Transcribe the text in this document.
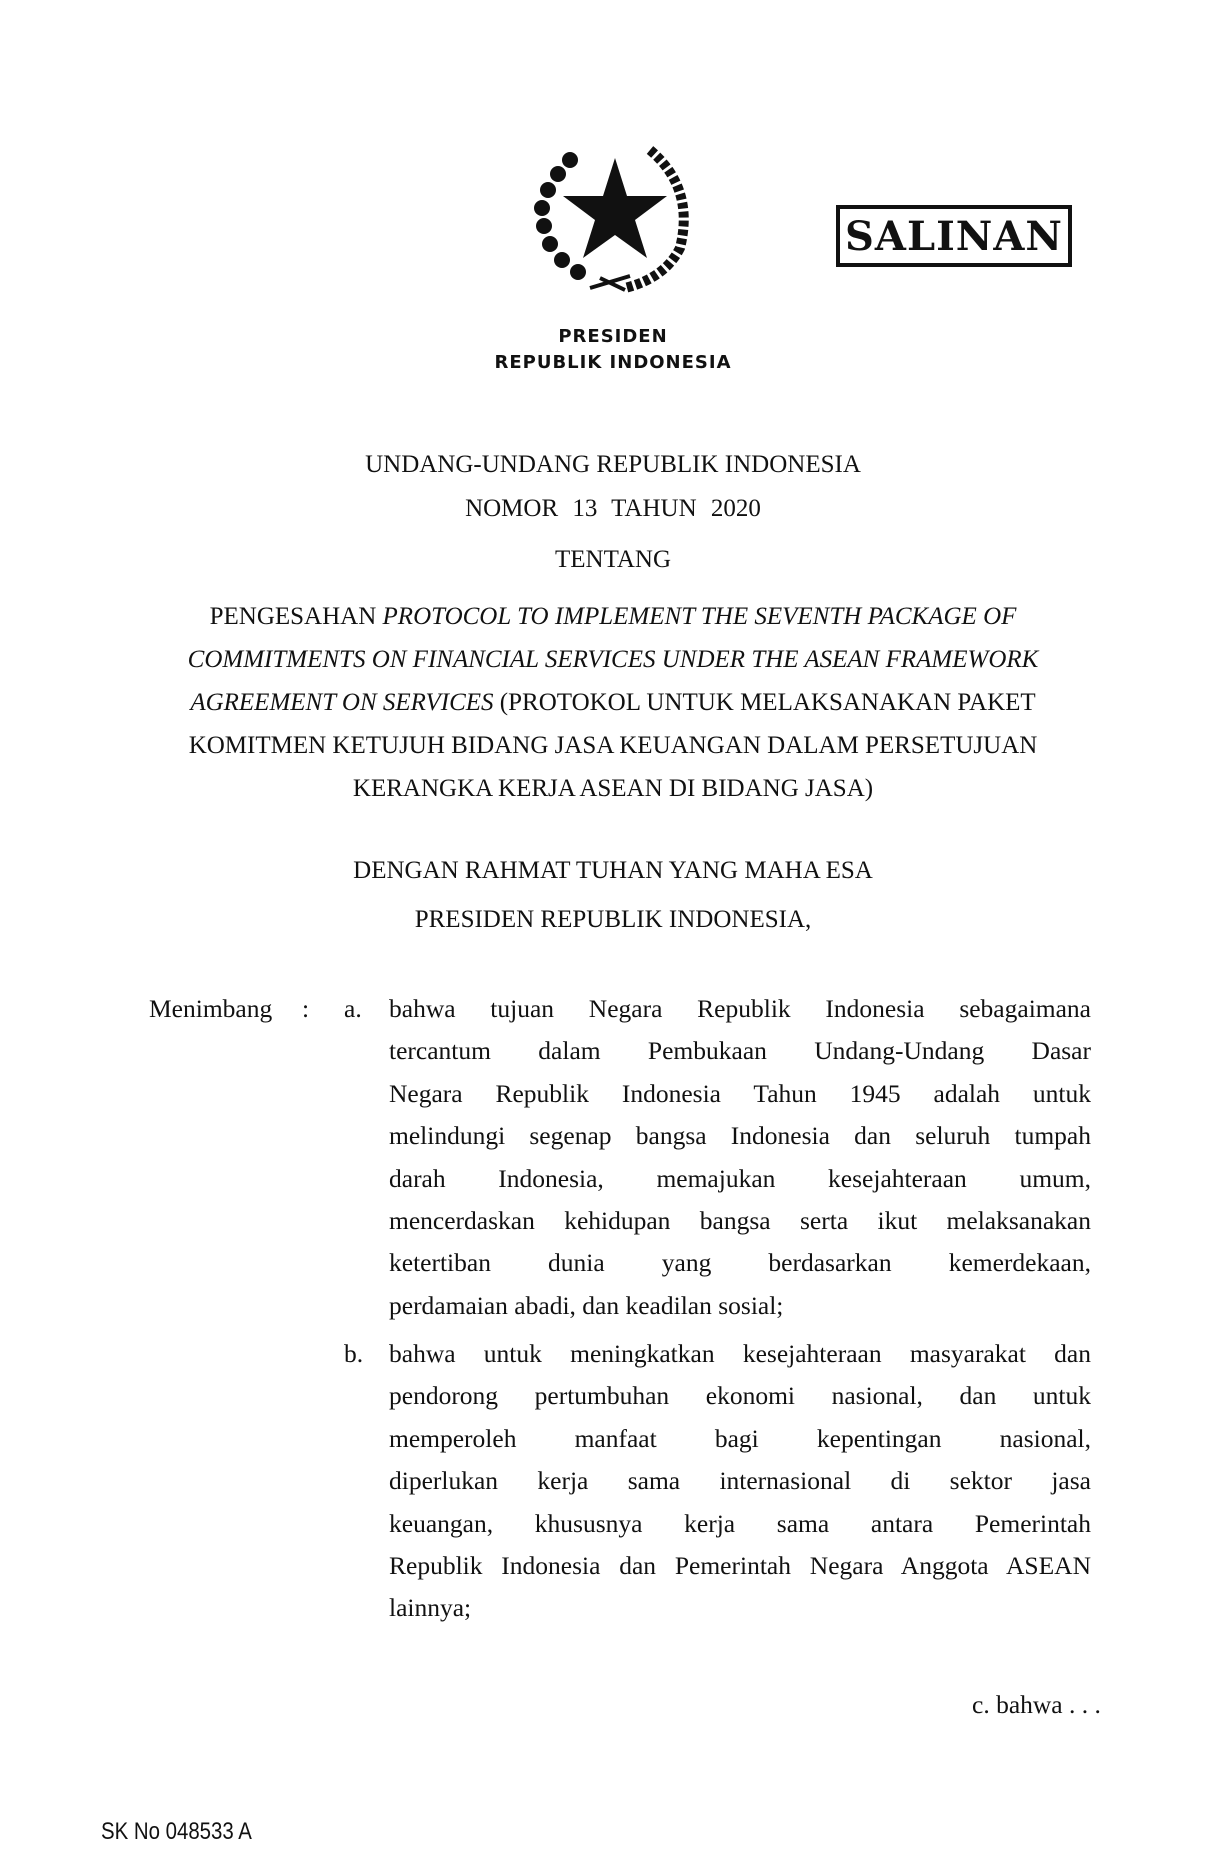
SALINAN
PRESIDEN
REPUBLIK INDONESIA
UNDANG-UNDANG REPUBLIK INDONESIA
NOMOR 13 TAHUN 2020
TENTANG
PENGESAHAN PROTOCOL TO IMPLEMENT THE SEVENTH PACKAGE OF
COMMITMENTS ON FINANCIAL SERVICES UNDER THE ASEAN FRAMEWORK
AGREEMENT ON SERVICES (PROTOKOL UNTUK MELAKSANAKAN PAKET
KOMITMEN KETUJUH BIDANG JASA KEUANGAN DALAM PERSETUJUAN
KERANGKA KERJA ASEAN DI BIDANG JASA)
DENGAN RAHMAT TUHAN YANG MAHA ESA
PRESIDEN REPUBLIK INDONESIA,
Menimbang : a. bahwa tujuan Negara Republik Indonesia sebagaimana
tercantum dalam Pembukaan Undang-Undang Dasar
Negara Republik Indonesia Tahun 1945 adalah untuk
melindungi segenap bangsa Indonesia dan seluruh tumpah
darah Indonesia, memajukan kesejahteraan umum,
mencerdaskan kehidupan bangsa serta ikut melaksanakan
ketertiban dunia yang berdasarkan kemerdekaan,
perdamaian abadi, dan keadilan sosial;
b. bahwa untuk meningkatkan kesejahteraan masyarakat dan
pendorong pertumbuhan ekonomi nasional, dan untuk
memperoleh manfaat bagi kepentingan nasional,
diperlukan kerja sama internasional di sektor jasa
keuangan, khususnya kerja sama antara Pemerintah
Republik Indonesia dan Pemerintah Negara Anggota ASEAN
lainnya;
c. bahwa . . .
SK No 048533 A
